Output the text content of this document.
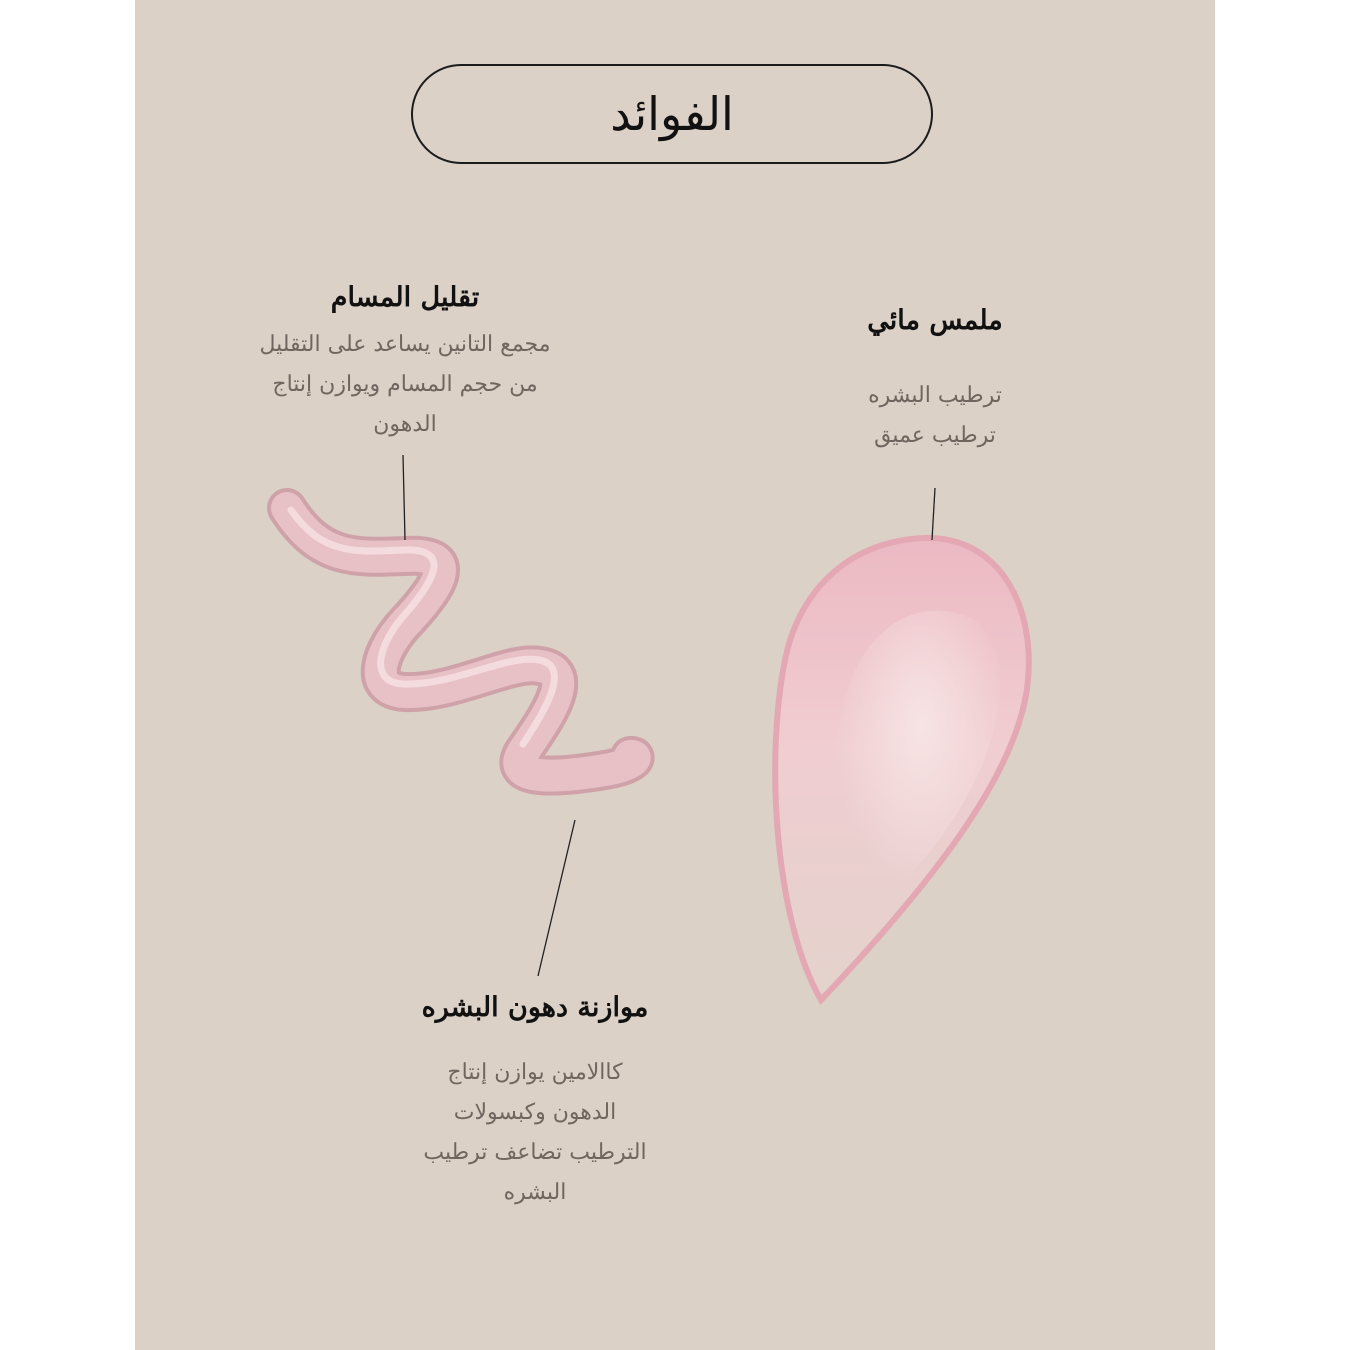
الفوائد
تقليل المسام
مجمع التانين يساعد على التقليل
من حجم المسام ويوازن إنتاج
الدهون
ملمس مائي
ترطيب البشره
ترطيب عميق
موازنة دهون البشره
كاالامين يوازن إنتاج
الدهون وكبسولات
الترطيب تضاعف ترطيب
البشره
